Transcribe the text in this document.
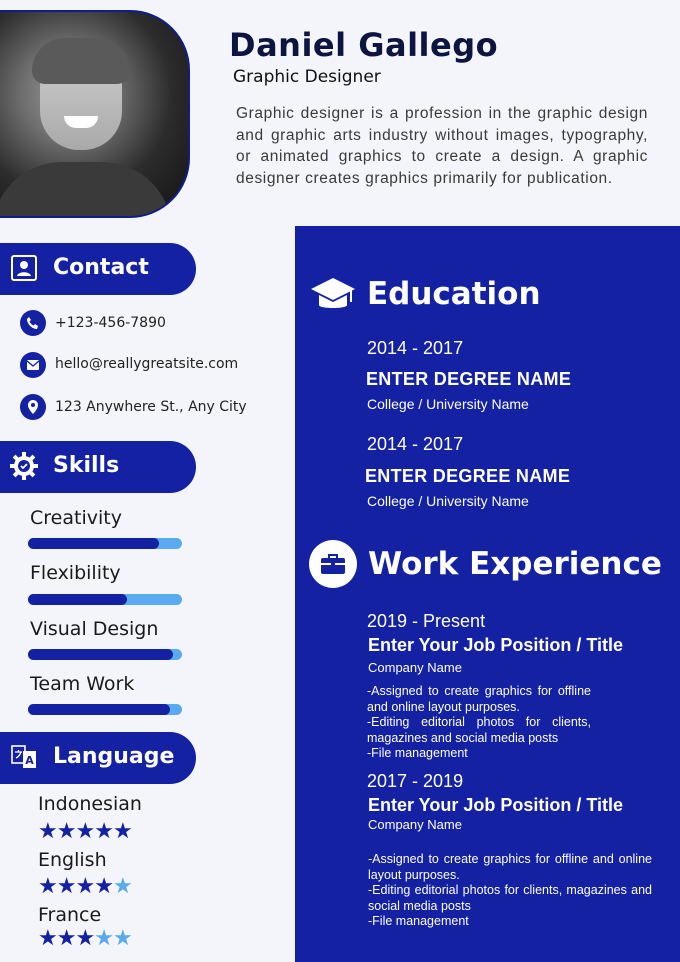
Daniel Gallego
Graphic Designer
Graphic designer is a profession in the graphic design and graphic arts industry without images, typography, or animated graphics to create a design. A graphic designer creates graphics primarily for publication.
Contact
+123-456-7890
hello@reallygreatsite.com
123 Anywhere St., Any City
Skills
Creativity
Flexibility
Visual Design
Team Work
A Language
Indonesian
★★★★★
English
★★★★★
France
★★★★★
Education
2014 - 2017
ENTER DEGREE NAME
College / University Name
2014 - 2017
ENTER DEGREE NAME
College / University Name
Work Experience
2019 - Present
Enter Your Job Position / Title
Company Name
-Assigned to create graphics for offline and online layout purposes.
-Editing editorial photos for clients, magazines and social media posts
-File management
2017 - 2019
Enter Your Job Position / Title
Company Name
-Assigned to create graphics for offline and online layout purposes.
-Editing editorial photos for clients, magazines and social media posts
-File management
